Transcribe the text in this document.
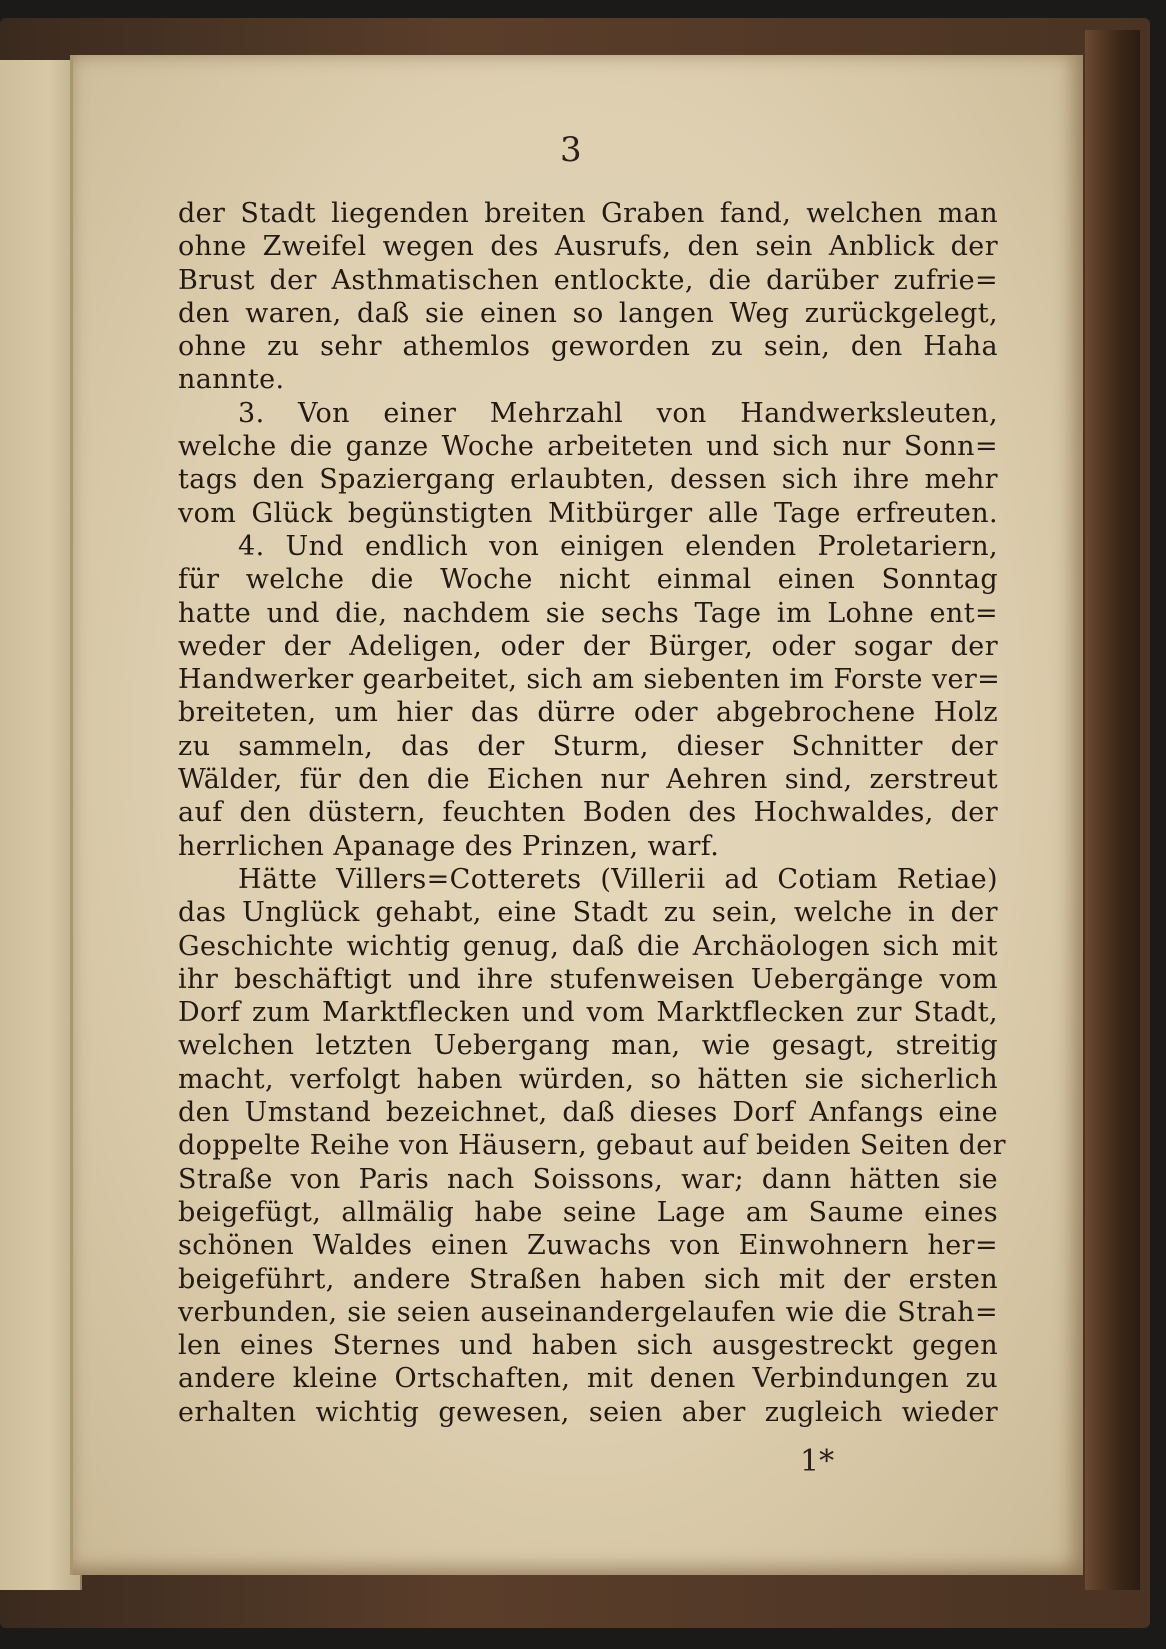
3
der Stadt liegenden breiten Graben fand, welchen man
ohne Zweifel wegen des Ausrufs, den sein Anblick der
Brust der Asthmatischen entlockte, die darüber zufrie=
den waren, daß sie einen so langen Weg zurückgelegt,
ohne zu sehr athemlos geworden zu sein, den Haha
nannte.
3. Von einer Mehrzahl von Handwerksleuten,
welche die ganze Woche arbeiteten und sich nur Sonn=
tags den Spaziergang erlaubten, dessen sich ihre mehr
vom Glück begünstigten Mitbürger alle Tage erfreuten.
4. Und endlich von einigen elenden Proletariern,
für welche die Woche nicht einmal einen Sonntag
hatte und die, nachdem sie sechs Tage im Lohne ent=
weder der Adeligen, oder der Bürger, oder sogar der
Handwerker gearbeitet, sich am siebenten im Forste ver=
breiteten, um hier das dürre oder abgebrochene Holz
zu sammeln, das der Sturm, dieser Schnitter der
Wälder, für den die Eichen nur Aehren sind, zerstreut
auf den düstern, feuchten Boden des Hochwaldes, der
herrlichen Apanage des Prinzen, warf.
Hätte Villers=Cotterets (Villerii ad Cotiam Retiae)
das Unglück gehabt, eine Stadt zu sein, welche in der
Geschichte wichtig genug, daß die Archäologen sich mit
ihr beschäftigt und ihre stufenweisen Uebergänge vom
Dorf zum Marktflecken und vom Marktflecken zur Stadt,
welchen letzten Uebergang man, wie gesagt, streitig
macht, verfolgt haben würden, so hätten sie sicherlich
den Umstand bezeichnet, daß dieses Dorf Anfangs eine
doppelte Reihe von Häusern, gebaut auf beiden Seiten der
Straße von Paris nach Soissons, war; dann hätten sie
beigefügt, allmälig habe seine Lage am Saume eines
schönen Waldes einen Zuwachs von Einwohnern her=
beigeführt, andere Straßen haben sich mit der ersten
verbunden, sie seien auseinandergelaufen wie die Strah=
len eines Sternes und haben sich ausgestreckt gegen
andere kleine Ortschaften, mit denen Verbindungen zu
erhalten wichtig gewesen, seien aber zugleich wieder
1*
